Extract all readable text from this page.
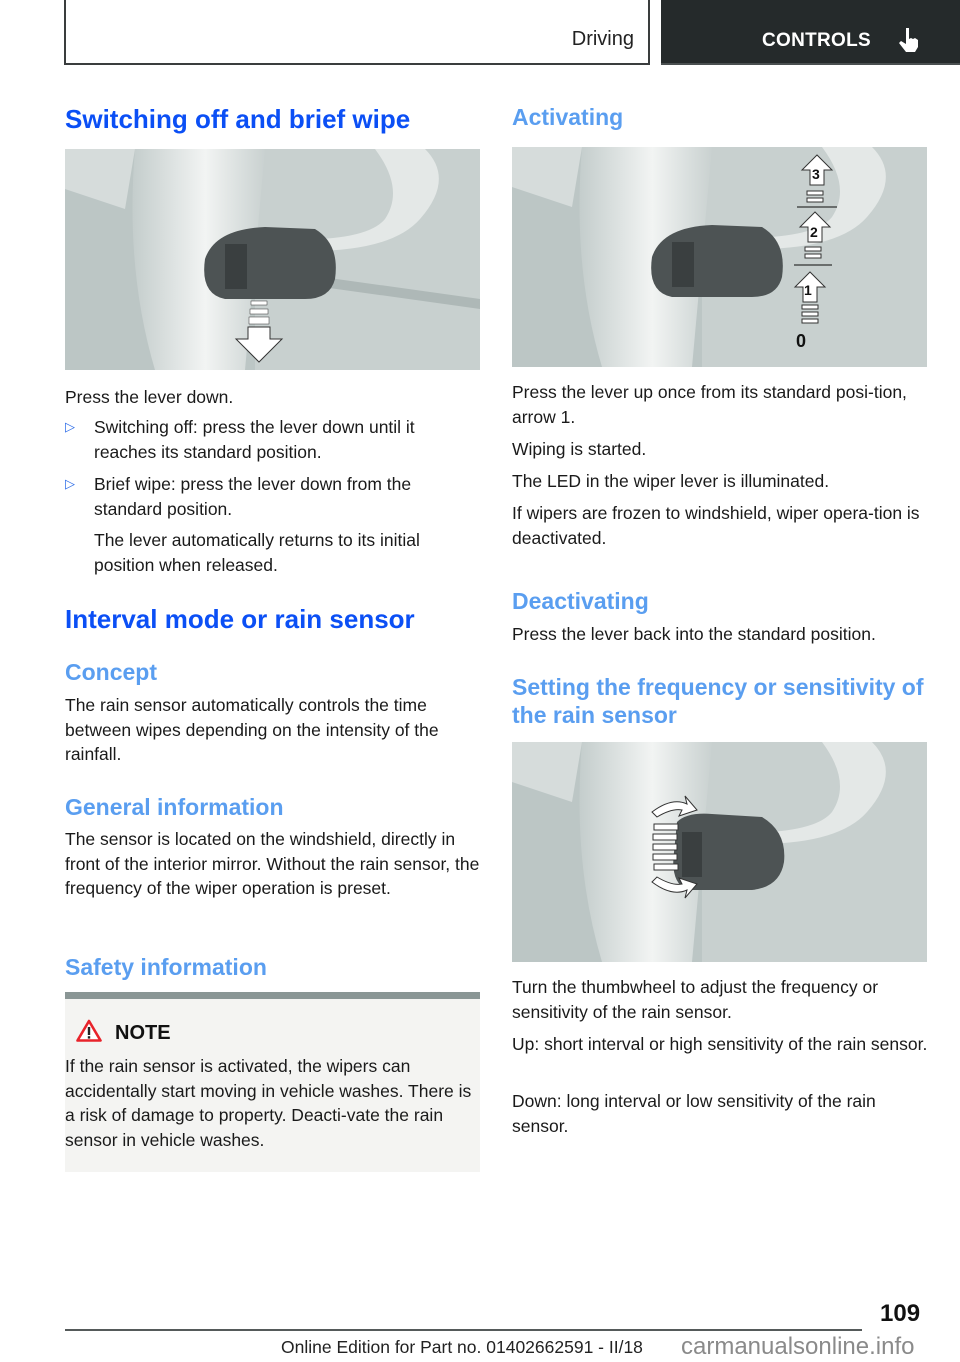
Driving	CONTROLS
Switching off and brief wipe
Press the lever down.
▷ Switching off: press the lever down until it reaches its standard position.
▷ Brief wipe: press the lever down from the standard position.
The lever automatically returns to its initial position when released.
Interval mode or rain sensor
Concept
The rain sensor automatically controls the time between wipes depending on the intensity of the rainfall.
General information
The sensor is located on the windshield, directly in front of the interior mirror. Without the rain sensor, the frequency of the wiper operation is preset.
Safety information
NOTE
If the rain sensor is activated, the wipers can accidentally start moving in vehicle washes. There is a risk of damage to property. Deacti-vate the rain sensor in vehicle washes.
Activating
1
2
3
0
Press the lever up once from its standard posi-tion, arrow 1.
Wiping is started.
The LED in the wiper lever is illuminated.
If wipers are frozen to windshield, wiper opera-tion is deactivated.
Deactivating
Press the lever back into the standard position.
Setting the frequency or sensitivity of the rain sensor
Turn the thumbwheel to adjust the frequency or sensitivity of the rain sensor.
Up: short interval or high sensitivity of the rain sensor.
Down: long interval or low sensitivity of the rain sensor.
109
Online Edition for Part no. 01402662591 - II/18 carmanualsonline.info
